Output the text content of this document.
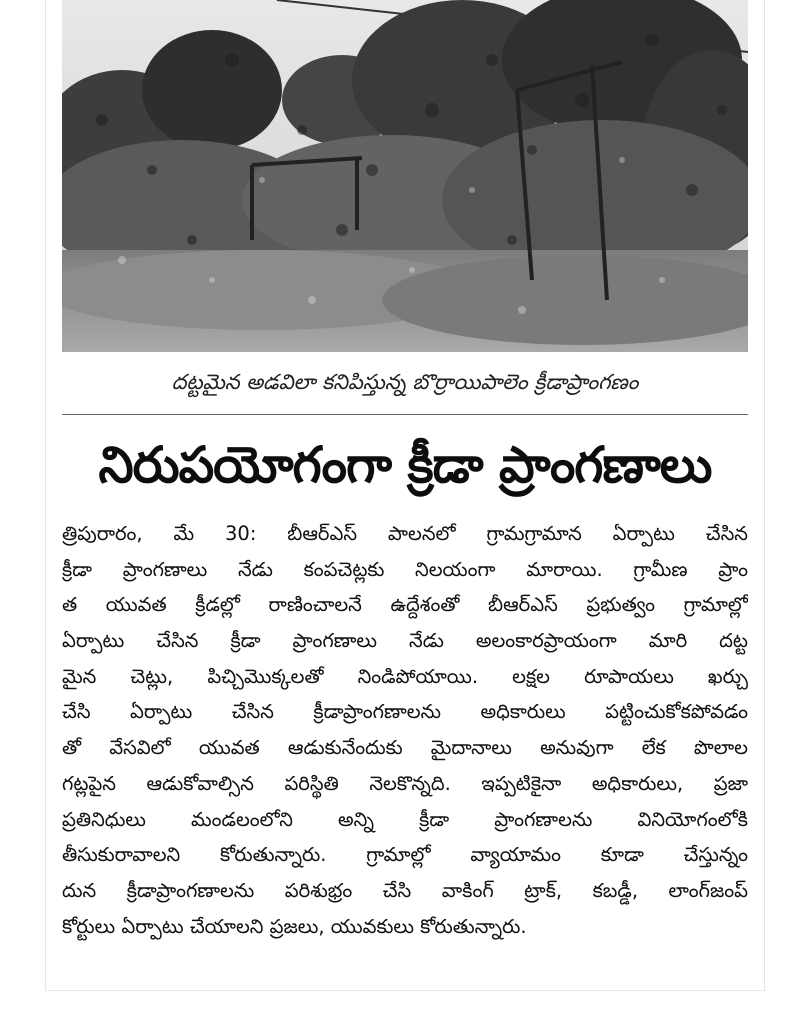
దట్టమైన అడవిలా కనిపిస్తున్న బొర్రాయిపాలెం క్రీడాప్రాంగణం
నిరుపయోగంగా క్రీడా ప్రాంగణాలు
త్రిపురారం, మే 30: బీఆర్ఎస్ పాలనలో గ్రామగ్రామాన ఏర్పాటు చేసిన
క్రీడా ప్రాంగణాలు నేడు కంపచెట్లకు నిలయంగా మారాయి. గ్రామీణ ప్రాం
త యువత క్రీడల్లో రాణించాలనే ఉద్దేశంతో బీఆర్ఎస్ ప్రభుత్వం గ్రామాల్లో
ఏర్పాటు చేసిన క్రీడా ప్రాంగణాలు నేడు అలంకారప్రాయంగా మారి దట్ట
మైన చెట్లు, పిచ్చిమొక్కలతో నిండిపోయాయి. లక్షల రూపాయలు ఖర్చు
చేసి ఏర్పాటు చేసిన క్రీడాప్రాంగణాలను అధికారులు పట్టించుకోకపోవడం
తో వేసవిలో యువత ఆడుకునేందుకు మైదానాలు అనువుగా లేక పొలాల
గట్లపైన ఆడుకోవాల్సిన పరిస్థితి నెలకొన్నది. ఇప్పటికైనా అధికారులు, ప్రజా
ప్రతినిధులు మండలంలోని అన్ని క్రీడా ప్రాంగణాలను వినియోగంలోకి
తీసుకురావాలని కోరుతున్నారు. గ్రామాల్లో వ్యాయామం కూడా చేస్తున్నం
దున క్రీడాప్రాంగణాలను పరిశుభ్రం చేసి వాకింగ్ ట్రాక్, కబడ్డీ, లాంగ్‌జంప్
కోర్టులు ఏర్పాటు చేయాలని ప్రజలు, యువకులు కోరుతున్నారు.
